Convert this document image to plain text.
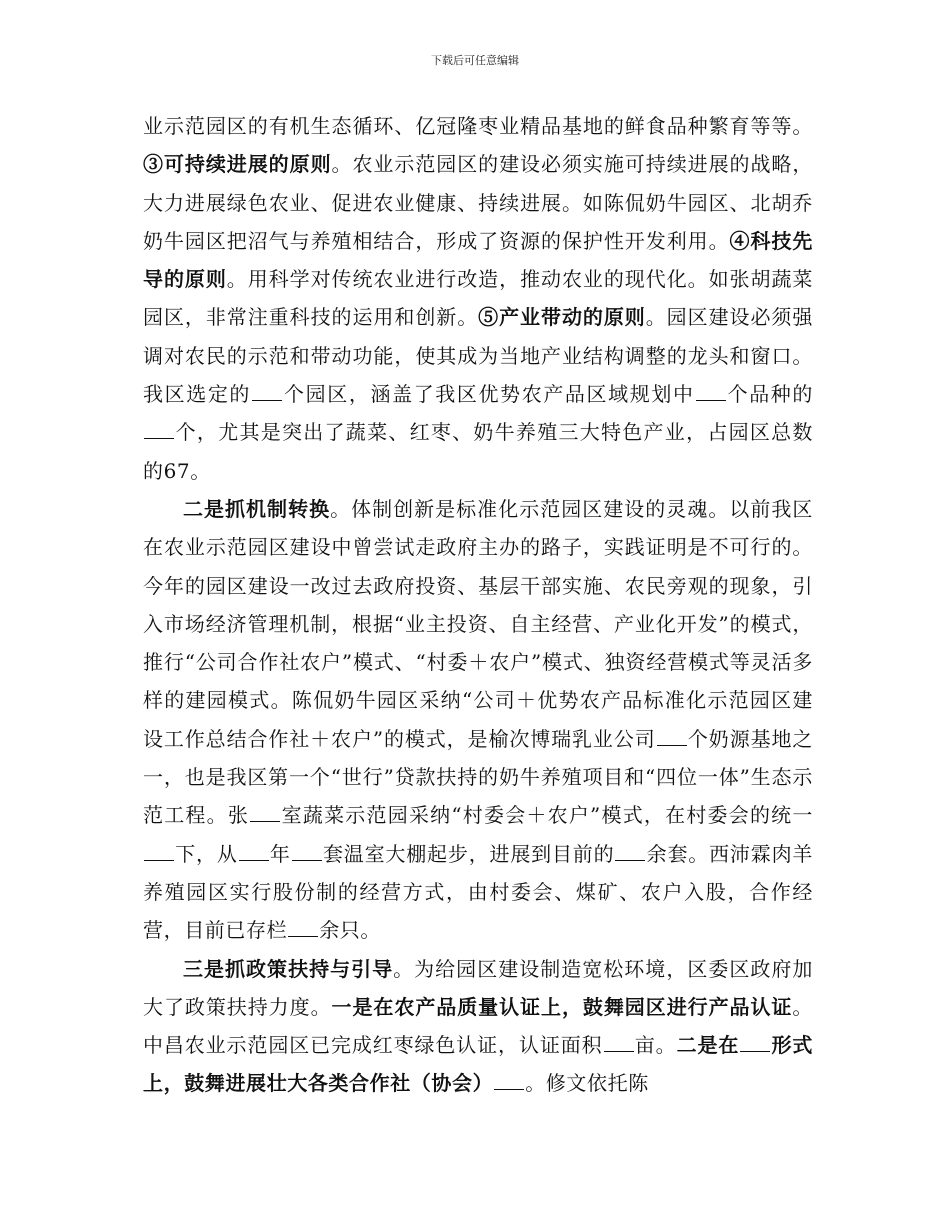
下载后可任意编辑

业示范园区的有机生态循环、亿冠隆枣业精品基地的鲜食品种繁育等等。③可持续进展的原则。农业示范园区的建设必须实施可持续进展的战略，大力进展绿色农业、促进农业健康、持续进展。如陈侃奶牛园区、北胡乔奶牛园区把沼气与养殖相结合，形成了资源的保护性开发利用。④科技先导的原则。用科学对传统农业进行改造，推动农业的现代化。如张胡蔬菜园区，非常注重科技的运用和创新。⑤产业带动的原则。园区建设必须强调对农民的示范和带动功能，使其成为当地产业结构调整的龙头和窗口。我区选定的 个园区，涵盖了我区优势农产品区域规划中 个品种的个，尤其是突出了蔬菜、红枣、奶牛养殖三大特色产业，占园区总数的67。

二是抓机制转换。体制创新是标准化示范园区建设的灵魂。以前我区在农业示范园区建设中曾尝试走政府主办的路子，实践证明是不可行的。今年的园区建设一改过去政府投资、基层干部实施、农民旁观的现象，引入市场经济管理机制，根据“业主投资、自主经营、产业化开发”的模式，推行“公司合作社农户”模式、“村委＋农户”模式、独资经营模式等灵活多样的建园模式。陈侃奶牛园区采纳“公司＋优势农产品标准化示范园区建设工作总结合作社＋农户”的模式，是榆次博瑞乳业公司 个奶源基地之一，也是我区第一个“世行”贷款扶持的奶牛养殖项目和“四位一体”生态示范工程。张 室蔬菜示范园采纳“村委会＋农户”模式，在村委会的统一下，从 年 套温室大棚起步，进展到目前的 余套。西沛霖肉羊养殖园区实行股份制的经营方式，由村委会、煤矿、农户入股，合作经营，目前已存栏 余只。

三是抓政策扶持与引导。为给园区建设制造宽松环境，区委区政府加大了政策扶持力度。一是在农产品质量认证上，鼓舞园区进行产品认证。中昌农业示范园区已完成红枣绿色认证，认证面积 亩。二是在 形式上，鼓舞进展壮大各类合作社（协会） 。修文依托陈
